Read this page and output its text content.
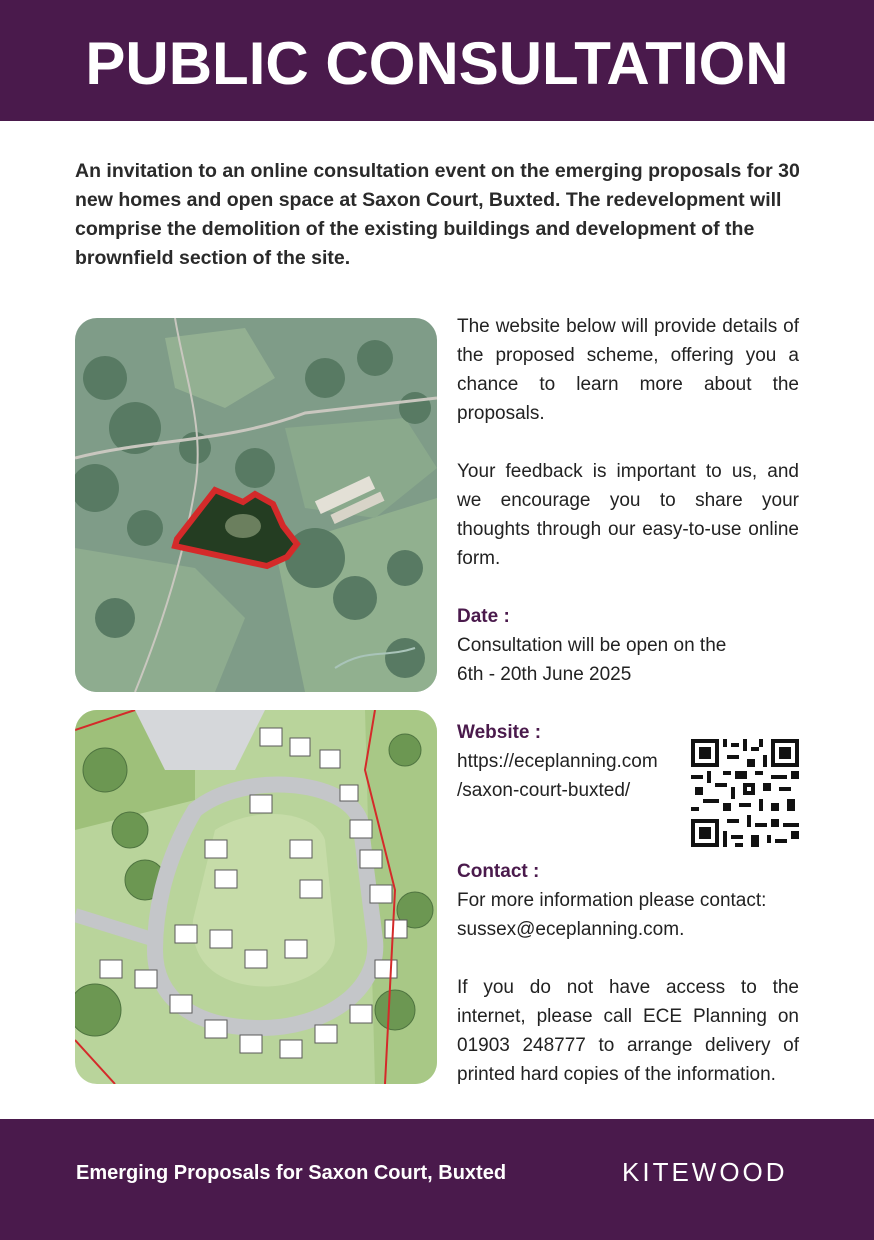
PUBLIC CONSULTATION

An invitation to an online consultation event on the emerging proposals for 30 new homes and open space at Saxon Court, Buxted. The redevelopment will comprise the demolition of the existing buildings and development of the brownfield section of the site.

The website below will provide details of the proposed scheme, offering you a chance to learn more about the proposals.

Your feedback is important to us, and we encourage you to share your thoughts through our easy-to-use online form.

Date :

Consultation will be open on the

6th - 20th June 2025

Website :

https://eceplanning.com

/saxon-court-buxted/

Contact :

For more information please contact:

sussex@eceplanning.com.

If you do not have access to the internet, please call ECE Planning on 01903 248777 to arrange delivery of printed hard copies of the information.

Emerging Proposals for Saxon Court, Buxted	KITEWOOD
